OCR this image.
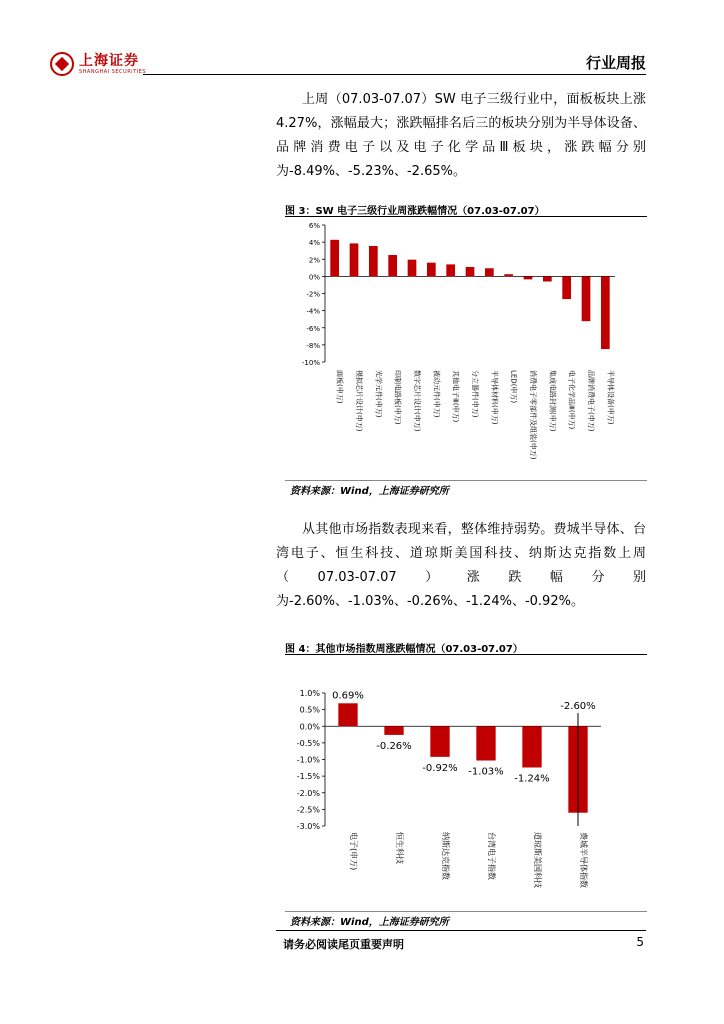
上海证券
SHANGHAI SECURITIES	行业周报
上周（07.03-07.07）SW 电子三级行业中，面板板块上涨4.27%，涨幅最大；涨跌幅排名后三的板块分别为半导体设备、品牌消费电子以及电子化学品Ⅲ板块，涨跌幅分别为-8.49%、-5.23%、-2.65%。
图 3：SW 电子三级行业周涨跌幅情况（07.03-07.07）
6%
4%
2%
0%
-2%
-4%
-6%
-8%
-10%
面板(申万) 模拟芯片设计(申万) 光学元件(申万) 印制电路板(申万) 数字芯片设计(申万) 被动元件(申万) 其他电子Ⅲ(申万) 分立器件(申万) 半导体材料(申万) LED(申万) 消费电子零部件及组装(申万) 集成电路封测(申万) 电子化学品Ⅲ(申万) 品牌消费电子(申万) 半导体设备(申万)
资料来源：Wind，上海证券研究所
从其他市场指数表现来看，整体维持弱势。费城半导体、台湾电子、恒生科技、道琼斯美国科技、纳斯达克指数上周（07.03-07.07）涨跌幅分别为-2.60%、-1.03%、-0.26%、-1.24%、-0.92%。
图 4：其他市场指数周涨跌幅情况（07.03-07.07）
1.0%
0.5%
0.0%
-0.5%
-1.0%
-1.5%
-2.0%
-2.5%
-3.0%
电子(申万)
0.69%
恒生科技
-0.26%
纳斯达克指数
-0.92%
台湾电子指数
-1.03%
道琼斯美国科技
-1.24%
费城半导体指数
-2.60%
资料来源：Wind，上海证券研究所
请务必阅读尾页重要声明	5
